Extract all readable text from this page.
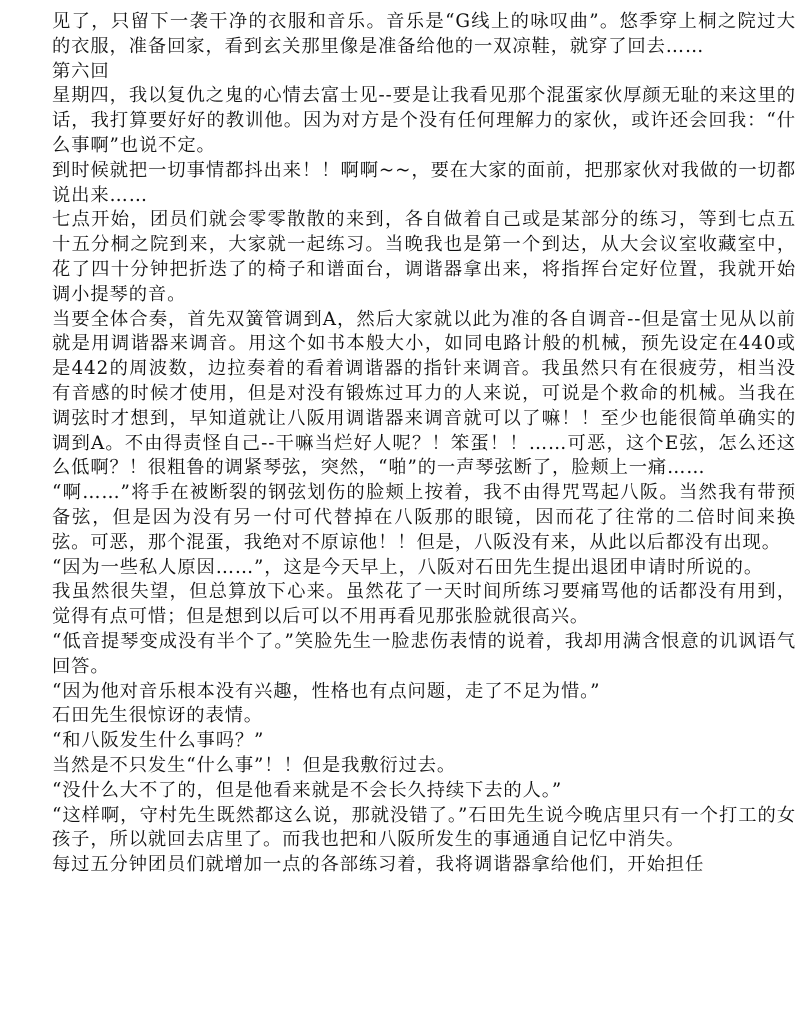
见了，只留下一袭干净的衣服和音乐。音乐是“G线上的咏叹曲”。悠季穿上桐之院过大的衣服，准备回家，看到玄关那里像是准备给他的一双凉鞋，就穿了回去……

第六回

星期四，我以复仇之鬼的心情去富士见--要是让我看见那个混蛋家伙厚颜无耻的来这里的话，我打算要好好的教训他。因为对方是个没有任何理解力的家伙，或许还会回我：“什么事啊”也说不定。

到时候就把一切事情都抖出来！！啊啊~~，要在大家的面前，把那家伙对我做的一切都说出来……

七点开始，团员们就会零零散散的来到，各自做着自己或是某部分的练习，等到七点五十五分桐之院到来，大家就一起练习。当晚我也是第一个到达，从大会议室收藏室中，花了四十分钟把折迭了的椅子和谱面台，调谐器拿出来，将指挥台定好位置，我就开始调小提琴的音。

当要全体合奏，首先双簧管调到A，然后大家就以此为准的各自调音--但是富士见从以前就是用调谐器来调音。用这个如书本般大小，如同电路计般的机械，预先设定在440或是442的周波数，边拉奏着的看着调谐器的指针来调音。我虽然只有在很疲劳，相当没有音感的时候才使用，但是对没有锻炼过耳力的人来说，可说是个救命的机械。当我在调弦时才想到，早知道就让八阪用调谐器来调音就可以了嘛！！至少也能很简单确实的调到A。不由得责怪自己--干嘛当烂好人呢？！笨蛋！！……可恶，这个E弦，怎么还这么低啊？！很粗鲁的调紧琴弦，突然，“啪”的一声琴弦断了，脸颊上一痛……

“啊……”将手在被断裂的钢弦划伤的脸颊上按着，我不由得咒骂起八阪。当然我有带预备弦，但是因为没有另一付可代替掉在八阪那的眼镜，因而花了往常的二倍时间来换弦。可恶，那个混蛋，我绝对不原谅他！！但是，八阪没有来，从此以后都没有出现。

“因为一些私人原因……”，这是今天早上，八阪对石田先生提出退团申请时所说的。

我虽然很失望，但总算放下心来。虽然花了一天时间所练习要痛骂他的话都没有用到，觉得有点可惜；但是想到以后可以不用再看见那张脸就很高兴。

“低音提琴变成没有半个了。”笑脸先生一脸悲伤表情的说着，我却用满含恨意的讥讽语气回答。

“因为他对音乐根本没有兴趣，性格也有点问题，走了不足为惜。”

石田先生很惊讶的表情。

“和八阪发生什么事吗？”

当然是不只发生“什么事”！！但是我敷衍过去。

“没什么大不了的，但是他看来就是不会长久持续下去的人。”

“这样啊，守村先生既然都这么说，那就没错了。”石田先生说今晚店里只有一个打工的女孩子，所以就回去店里了。而我也把和八阪所发生的事通通自记忆中消失。

每过五分钟团员们就增加一点的各部练习着，我将调谐器拿给他们，开始担任
